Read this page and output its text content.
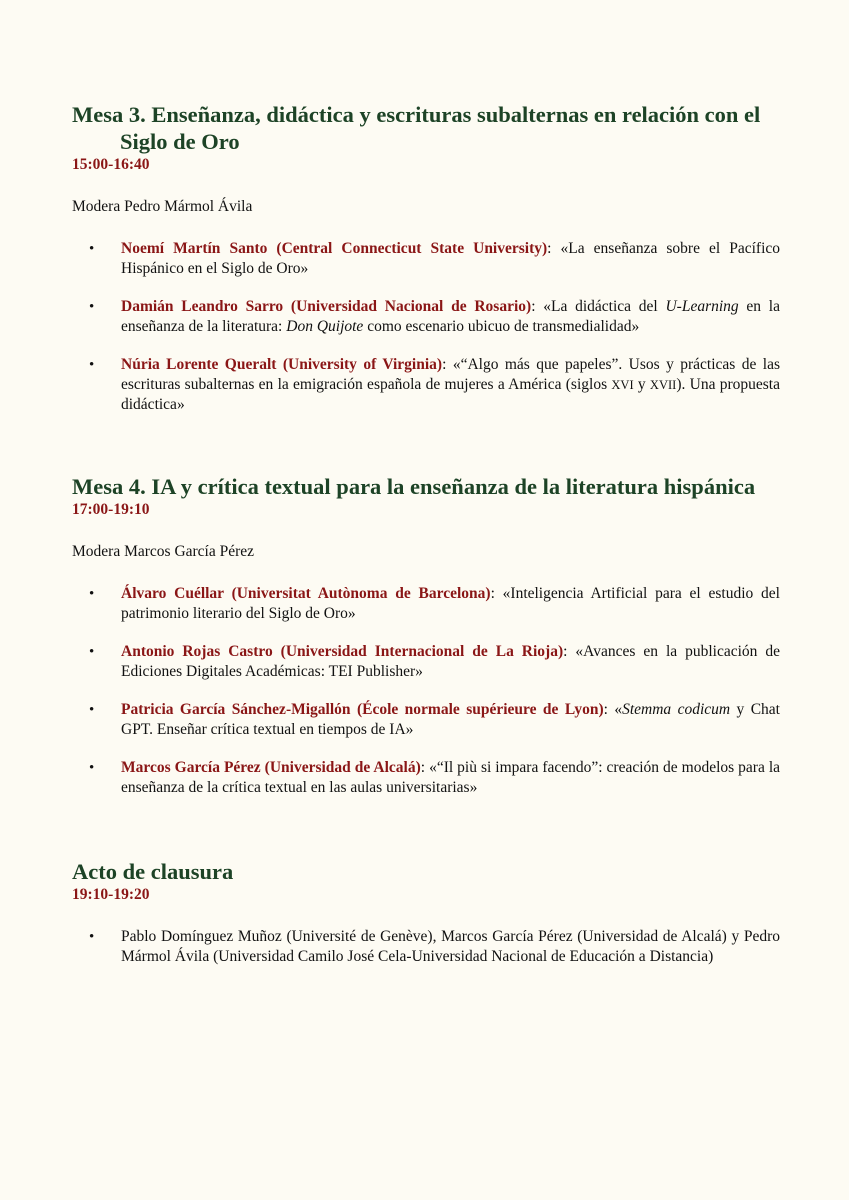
Mesa 3. Enseñanza, didáctica y escrituras subalternas en relación con el Siglo de Oro

15:00-16:40

Modera Pedro Mármol Ávila

• Noemí Martín Santo (Central Connecticut State University): «La enseñanza sobre el Pacífico Hispánico en el Siglo de Oro»
• Damián Leandro Sarro (Universidad Nacional de Rosario): «La didáctica del U-Learning en la enseñanza de la literatura: Don Quijote como escenario ubicuo de transmedialidad»
• Núria Lorente Queralt (University of Virginia): «“Algo más que papeles”. Usos y prácticas de las escrituras subalternas en la emigración española de mujeres a América (siglos XVI y XVII). Una propuesta didáctica»
Mesa 4. IA y crítica textual para la enseñanza de la literatura hispánica

17:00-19:10

Modera Marcos García Pérez

• Álvaro Cuéllar (Universitat Autònoma de Barcelona): «Inteligencia Artificial para el estudio del patrimonio literario del Siglo de Oro»
• Antonio Rojas Castro (Universidad Internacional de La Rioja): «Avances en la publicación de Ediciones Digitales Académicas: TEI Publisher»
• Patricia García Sánchez-Migallón (École normale supérieure de Lyon): «Stemma codicum y Chat GPT. Enseñar crítica textual en tiempos de IA»
• Marcos García Pérez (Universidad de Alcalá): «“Il più si impara facendo”: creación de modelos para la enseñanza de la crítica textual en las aulas universitarias»
Acto de clausura

19:10-19:20

• Pablo Domínguez Muñoz (Université de Genève), Marcos García Pérez (Universidad de Alcalá) y Pedro Mármol Ávila (Universidad Camilo José Cela-Universidad Nacional de Educación a Distancia)
